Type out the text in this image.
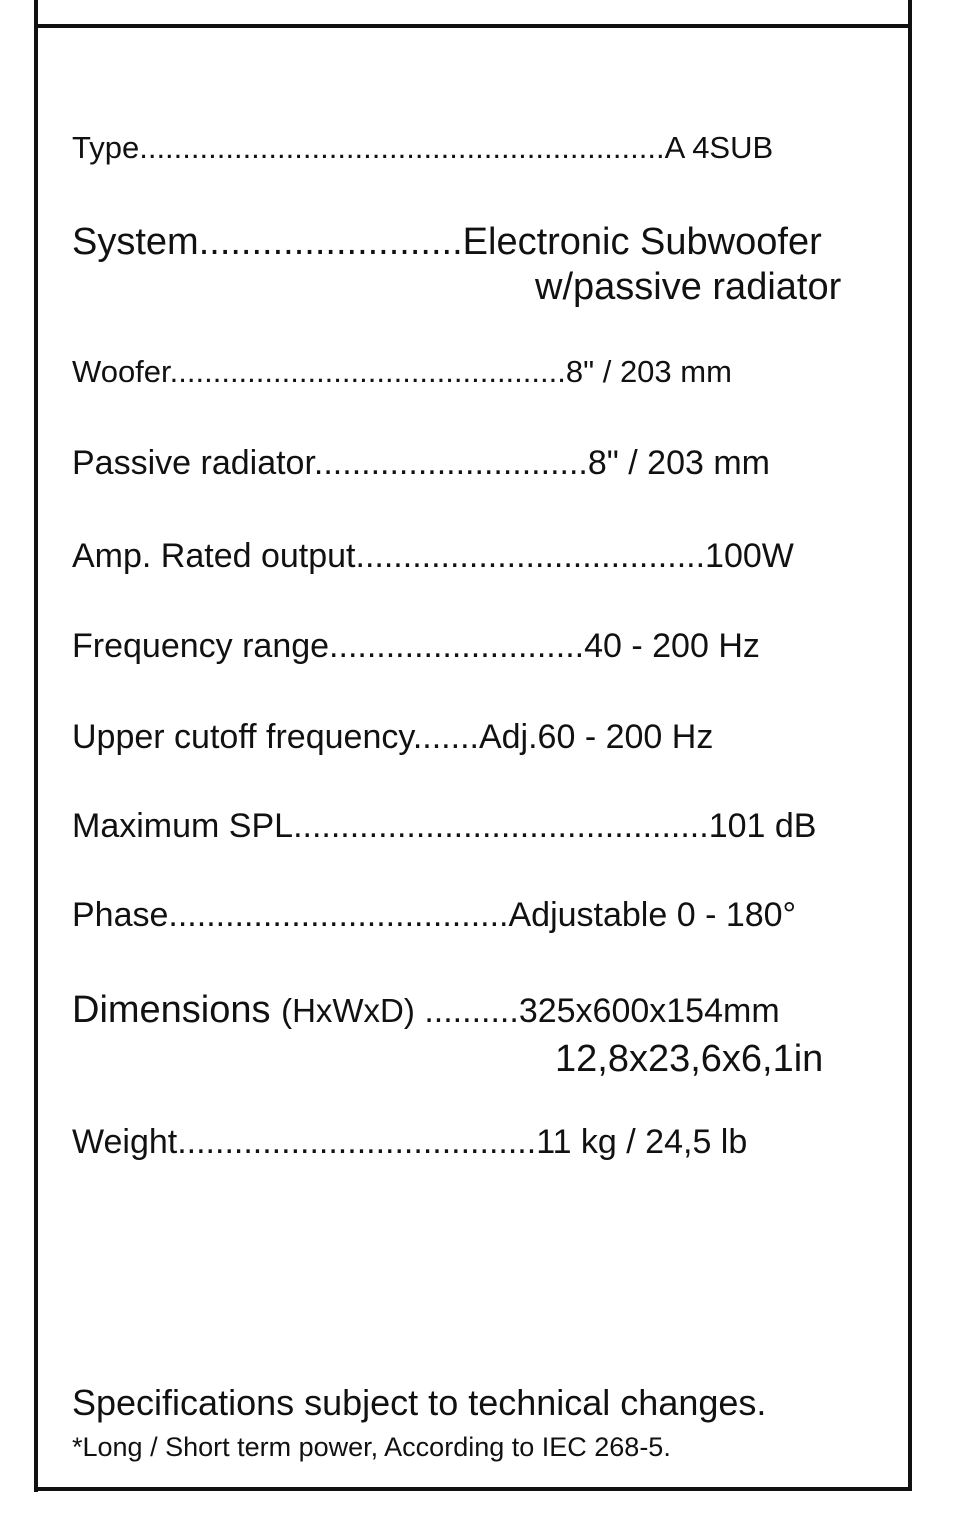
Type.............................................................A 4SUB
System.........................Electronic Subwoofer
w/passive radiator
Woofer..............................................8" / 203 mm
Passive radiator.............................8" / 203 mm
Amp. Rated output.....................................100W
Frequency range...........................40 - 200 Hz
Upper cutoff frequency.......Adj.60 - 200 Hz
Maximum SPL............................................101 dB
Phase....................................Adjustable 0 - 180°
Dimensions (HxWxD) ..........325x600x154mm
12,8x23,6x6,1in
Weight......................................11 kg / 24,5 lb
Specifications subject to technical changes.
*Long / Short term power, According to IEC 268-5.
